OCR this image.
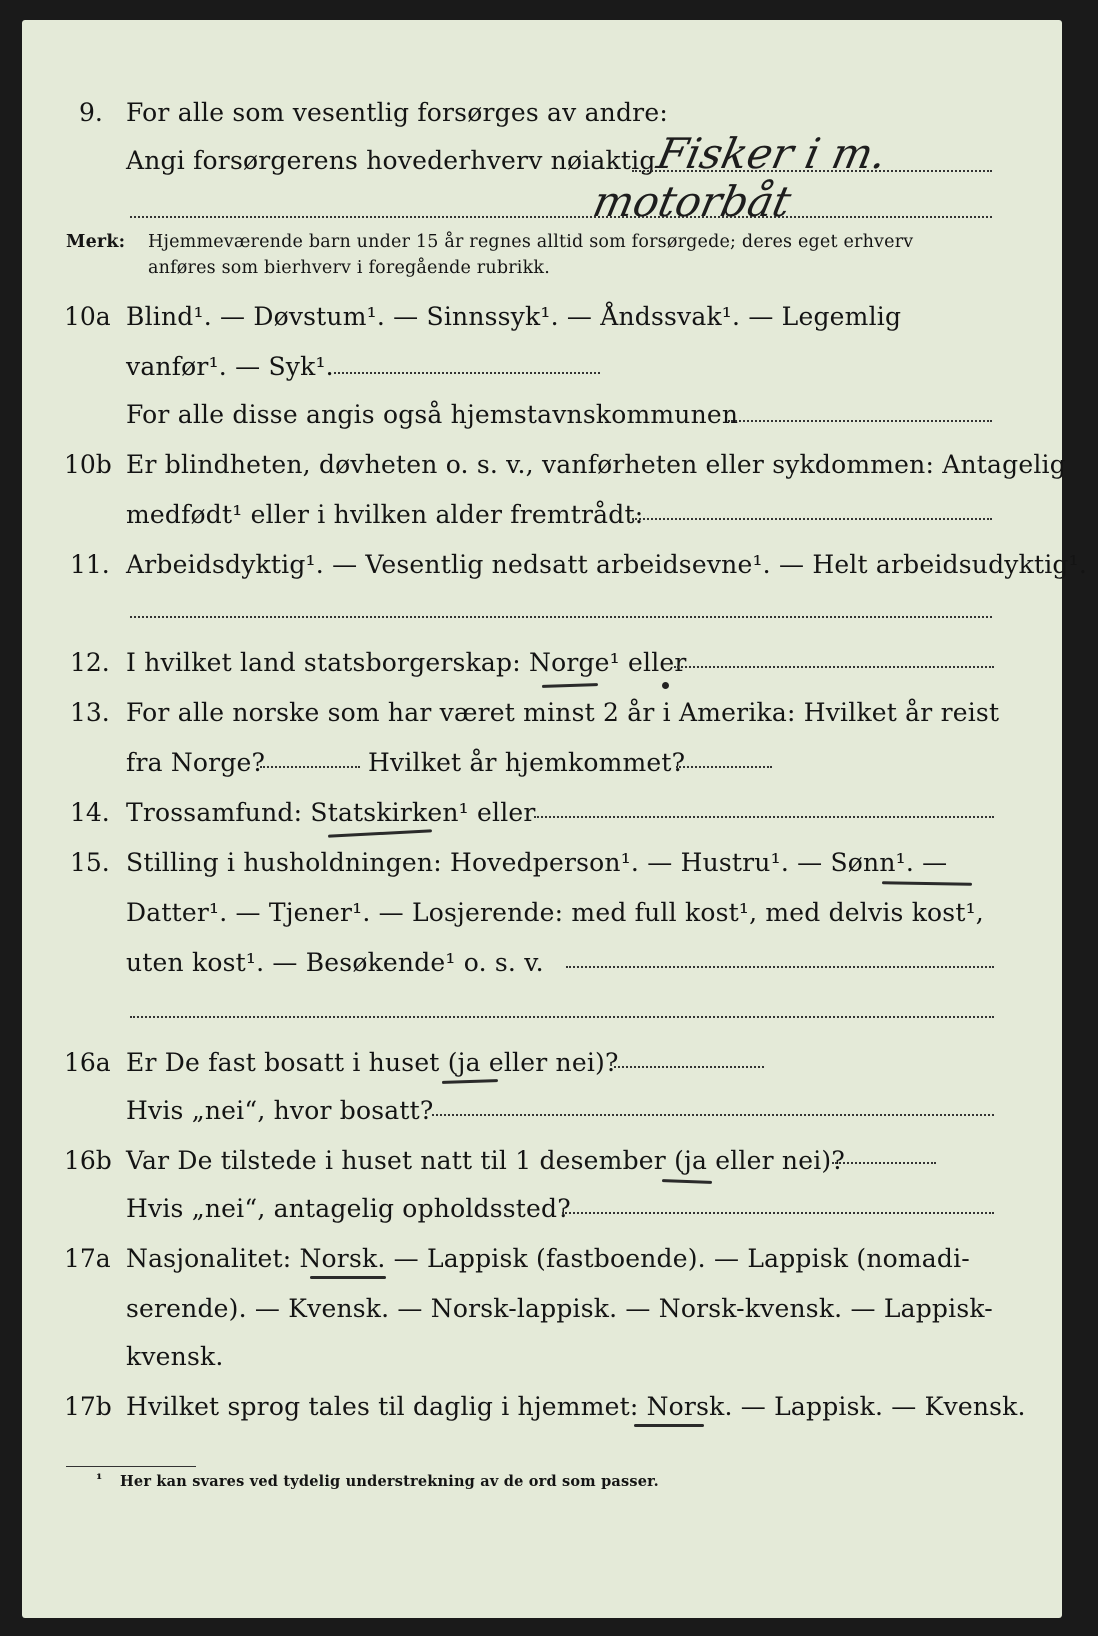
9. For alle som vesentlig forsørges av andre:
Angi forsørgerens hovederhverv nøiaktig
Fisker i m.
motorbåt
Merk: Hjemmeværende barn under 15 år regnes alltid som forsørgede; deres eget erhverv
anføres som bierhverv i foregående rubrikk.
10a Blind¹. — Døvstum¹. — Sinnssyk¹. — Åndssvak¹. — Legemlig
vanfør¹. — Syk¹.
For alle disse angis også hjemstavnskommunen
10b Er blindheten, døvheten o. s. v., vanførheten eller sykdommen: Antagelig
medfødt¹ eller i hvilken alder fremtrådt:
11. Arbeidsdyktig¹. — Vesentlig nedsatt arbeidsevne¹. — Helt arbeidsudyktig¹.
12. I hvilket land statsborgerskap: Norge¹ eller
13. For alle norske som har været minst 2 år i Amerika: Hvilket år reist
fra Norge?	Hvilket år hjemkommet?
14. Trossamfund: Statskirken¹ eller
15. Stilling i husholdningen: Hovedperson¹. — Hustru¹. — Sønn¹. —
Datter¹. — Tjener¹. — Losjerende: med full kost¹, med delvis kost¹,
uten kost¹. — Besøkende¹ o. s. v.
16a Er De fast bosatt i huset (ja eller nei)?
Hvis „nei“, hvor bosatt?
16b Var De tilstede i huset natt til 1 desember (ja eller nei)?
Hvis „nei“, antagelig opholdssted?
17a Nasjonalitet: Norsk. — Lappisk (fastboende). — Lappisk (nomadi-
serende). — Kvensk. — Norsk-lappisk. — Norsk-kvensk. — Lappisk-
kvensk.
17b Hvilket sprog tales til daglig i hjemmet: Norsk. — Lappisk. — Kvensk.
¹ Her kan svares ved tydelig understrekning av de ord som passer.
